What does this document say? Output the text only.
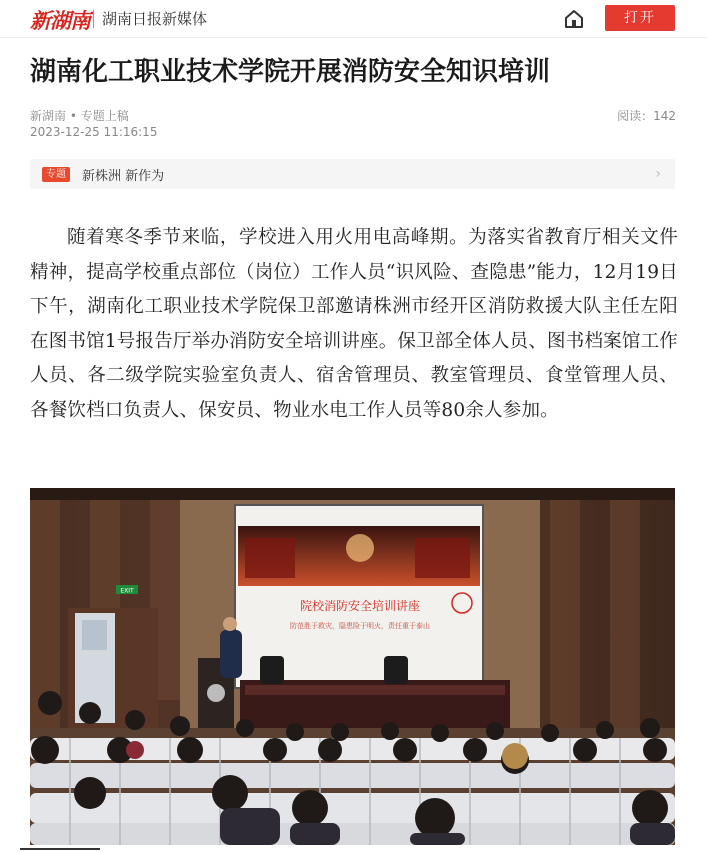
新湖南 湖南日报新媒体	打开
湖南化工职业技术学院开展消防安全知识培训
新湖南 • 专题上稿
2023-12-25 11:16:15
阅读：142
专题	新株洲 新作为	›

随着寒冬季节来临，学校进入用火用电高峰期。为落实省教育厅相关文件精神，提高学校重点部位（岗位）工作人员“识风险、查隐患”能力，12月19日下午，湖南化工职业技术学院保卫部邀请株洲市经开区消防救援大队主任左阳在图书馆1号报告厅举办消防安全培训讲座。保卫部全体人员、图书档案馆工作人员、各二级学院实验室负责人、宿舍管理员、教室管理员、食堂管理人员、各餐饮档口负责人、保安员、物业水电工作人员等80余人参加。

院校消防安全培训讲座
防范胜于救灾，隐患险于明火，责任重于泰山
EXIT
